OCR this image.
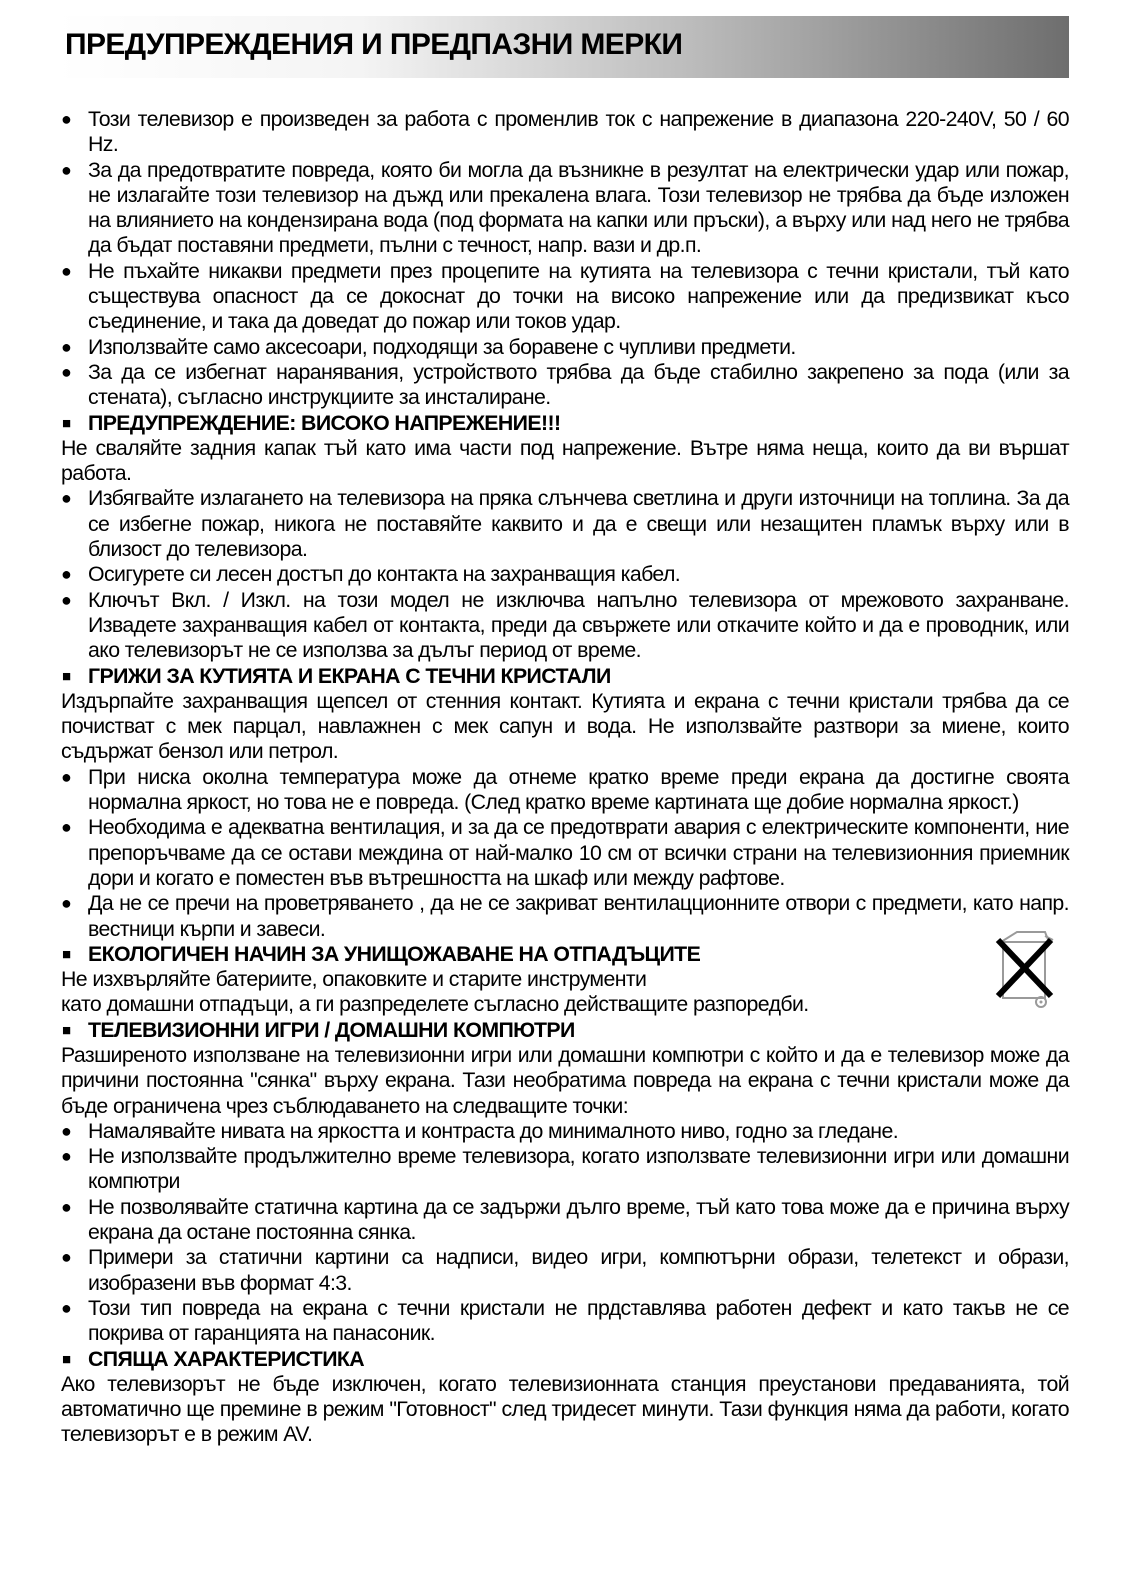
ПРЕДУПРЕЖДЕНИЯ И ПРЕДПАЗНИ МЕРКИ
● Този телевизор е произведен за работа с променлив ток с напрежение в диапазона 220-240V, 50 / 60 Hz.
● За да предотвратите повреда, която би могла да възникне в резултат на електрически удар или пожар, не излагайте този телевизор на дъжд или прекалена влага. Този телевизор не трябва да бъде изложен на влиянието на кондензирана вода (под формата на капки или пръски), а върху или над него не трябва да бъдат поставяни предмети, пълни с течност, напр. вази и др.п.
● Не пъхайте никакви предмети през процепите на кутията на телевизора с течни кристали, тъй като съществува опасност да се докоснат до точки на високо напрежение или да предизвикат късо съединение, и така да доведат до пожар или токов удар.
● Използвайте само аксесоари, подходящи за боравене с чупливи предмети.
● За да се избегнат наранявания, устройството трябва да бъде стабилно закрепено за пода (или за стената), съгласно инструкциите за инсталиране.
■ ПРЕДУПРЕЖДЕНИЕ: ВИСОКО НАПРЕЖЕНИЕ!!!
Не сваляйте задния капак тъй като има части под напрежение. Вътре няма неща, които да ви вършат работа.
● Избягвайте излагането на телевизора на пряка слънчева светлина и други източници на топлина. За да се избегне пожар, никога не поставяйте каквито и да е свещи или незащитен пламък върху или в близост до телевизора.
● Осигурете си лесен достъп до контакта на захранващия кабел.
● Ключът Вкл. / Изкл. на този модел не изключва напълно телевизора от мрежовото захранване. Извадете захранващия кабел от контакта, преди да свържете или откачите който и да е проводник, или ако телевизорът не се използва за дълъг период от време.
■ ГРИЖИ ЗА КУТИЯТА И ЕКРАНА С ТЕЧНИ КРИСТАЛИ
Издърпайте захранващия щепсел от стенния контакт. Кутията и екрана с течни кристали трябва да се почистват с мек парцал, навлажнен с мек сапун и вода. Не използвайте разтвори за миене, които съдържат бензол или петрол.
● При ниска околна температура може да отнеме кратко време преди екрана да достигне своята нормална яркост, но това не е повреда. (След кратко време картината ще добие нормална яркост.)
● Необходима е адекватна вентилация, и за да се предотврати авария с електрическите компоненти, ние препоръчваме да се остави междина от най-малко 10 см от всички страни на телевизионния приемник дори и когато е поместен във вътрешността на шкаф или между рафтове.
● Да не се пречи на проветряването , да не се закриват вентилацционните отвори с предмети, като напр. вестници кърпи и завеси.
■ ЕКОЛОГИЧЕН НАЧИН ЗА УНИЩОЖАВАНЕ НА ОТПАДЪЦИТЕ
Не изхвърляйте батериите, опаковките и старите инструменти
като домашни отпадъци, а ги разпределете съгласно действащите разпоредби.
■ ТЕЛЕВИЗИОННИ ИГРИ / ДОМАШНИ КОМПЮТРИ
Разширеното използване на телевизионни игри или домашни компютри с който и да е телевизор може да причини постоянна "сянка" върху екрана. Тази необратима повреда на екрана с течни кристали може да бъде ограничена чрез съблюдаването на следващите точки:
● Намалявайте нивата на яркостта и контраста до минималното ниво, годно за гледане.
● Не използвайте продължително време телевизора, когато използвате телевизионни игри или домашни компютри
● Не позволявайте статична картина да се задържи дълго време, тъй като това може да е причина върху екрана да остане постоянна сянка.
● Примери за статични картини са надписи, видео игри, компютърни образи, телетекст и образи, изобразени във формат 4:3.
● Този тип повреда на екрана с течни кристали не прдставлява работен дефект и като такъв не се покрива от гаранцията на панасоник.
■ СПЯЩА ХАРАКТЕРИСТИКА
Ако телевизорът не бъде изключен, когато телевизионната станция преустанови предаванията, той автоматично ще премине в режим "Готовност" след тридесет минути. Тази функция няма да работи, когато телевизорът е в режим AV.
